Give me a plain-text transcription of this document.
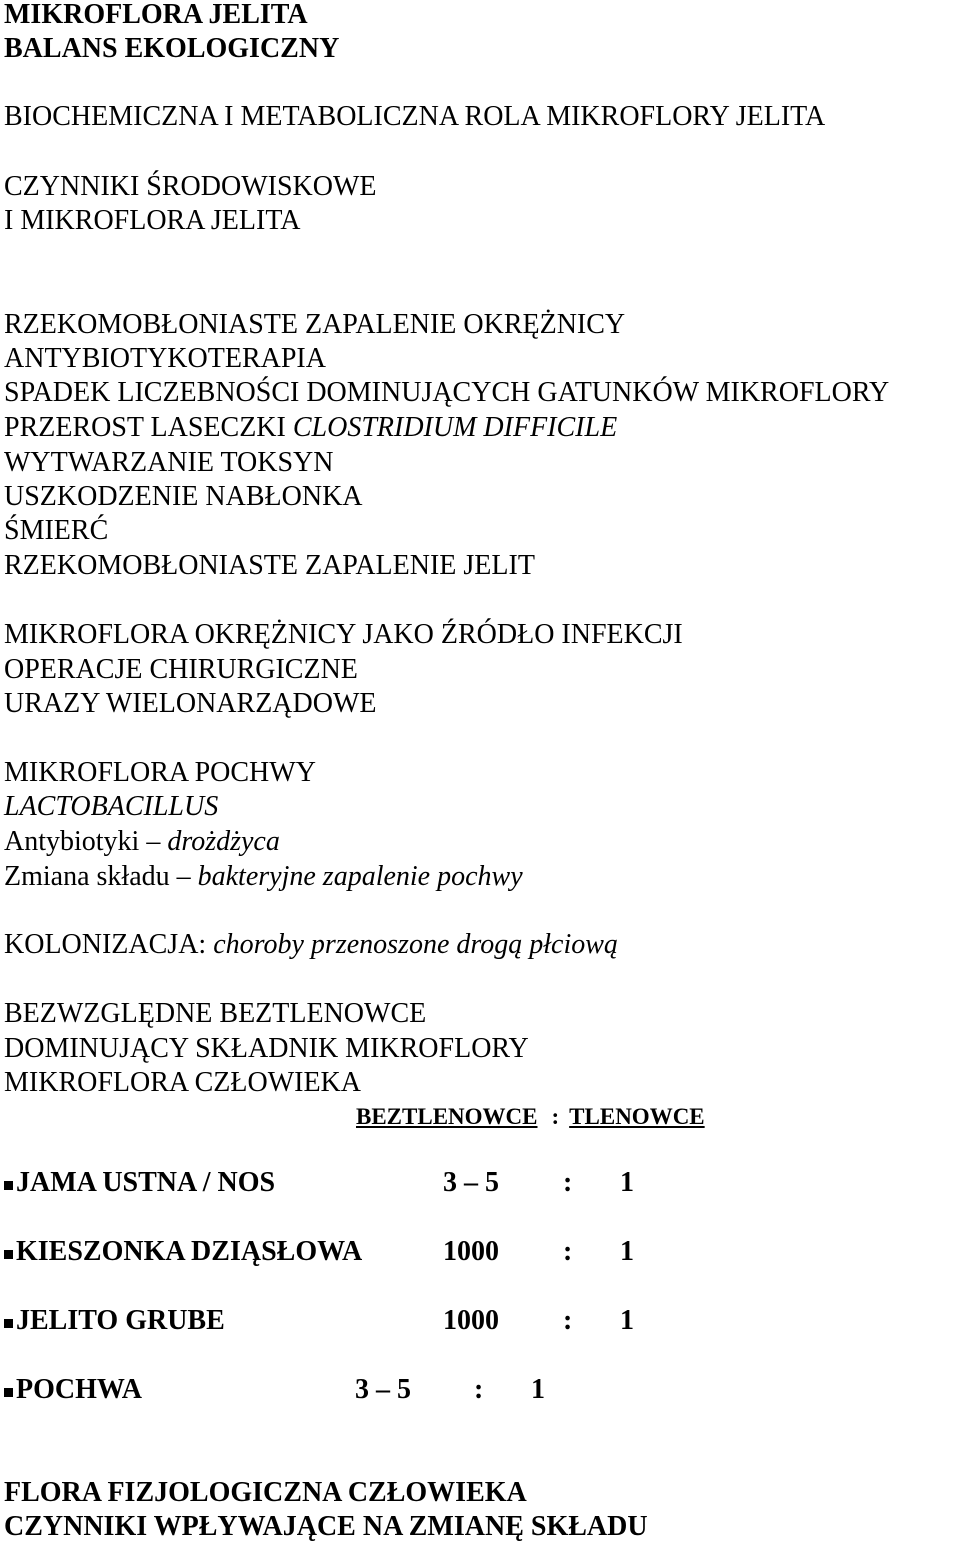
MIKROFLORA JELITA
BALANS EKOLOGICZNY
BIOCHEMICZNA I METABOLICZNA ROLA MIKROFLORY JELITA
CZYNNIKI ŚRODOWISKOWE
I MIKROFLORA JELITA
RZEKOMOBŁONIASTE ZAPALENIE OKRĘŻNICY
ANTYBIOTYKOTERAPIA
SPADEK LICZEBNOŚCI DOMINUJĄCYCH GATUNKÓW MIKROFLORY
PRZEROST LASECZKI CLOSTRIDIUM DIFFICILE
WYTWARZANIE TOKSYN
USZKODZENIE NABŁONKA
ŚMIERĆ
RZEKOMOBŁONIASTE ZAPALENIE JELIT
MIKROFLORA OKRĘŻNICY JAKO ŹRÓDŁO INFEKCJI
OPERACJE CHIRURGICZNE
URAZY WIELONARZĄDOWE
MIKROFLORA POCHWY
LACTOBACILLUS
Antybiotyki – drożdżyca
Zmiana składu – bakteryjne zapalenie pochwy
KOLONIZACJA: choroby przenoszone drogą płciową
BEZWZGLĘDNE BEZTLENOWCE
DOMINUJĄCY SKŁADNIK MIKROFLORY
MIKROFLORA CZŁOWIEKA
BEZTLENOWCE : TLENOWCE
JAMA USTNA / NOS	3 – 5 : 1
KIESZONKA DZIĄSŁOWA	1000 : 1
JELITO GRUBE	1000 : 1
POCHWA	3 – 5 : 1
FLORA FIZJOLOGICZNA CZŁOWIEKA
CZYNNIKI WPŁYWAJĄCE NA ZMIANĘ SKŁADU
